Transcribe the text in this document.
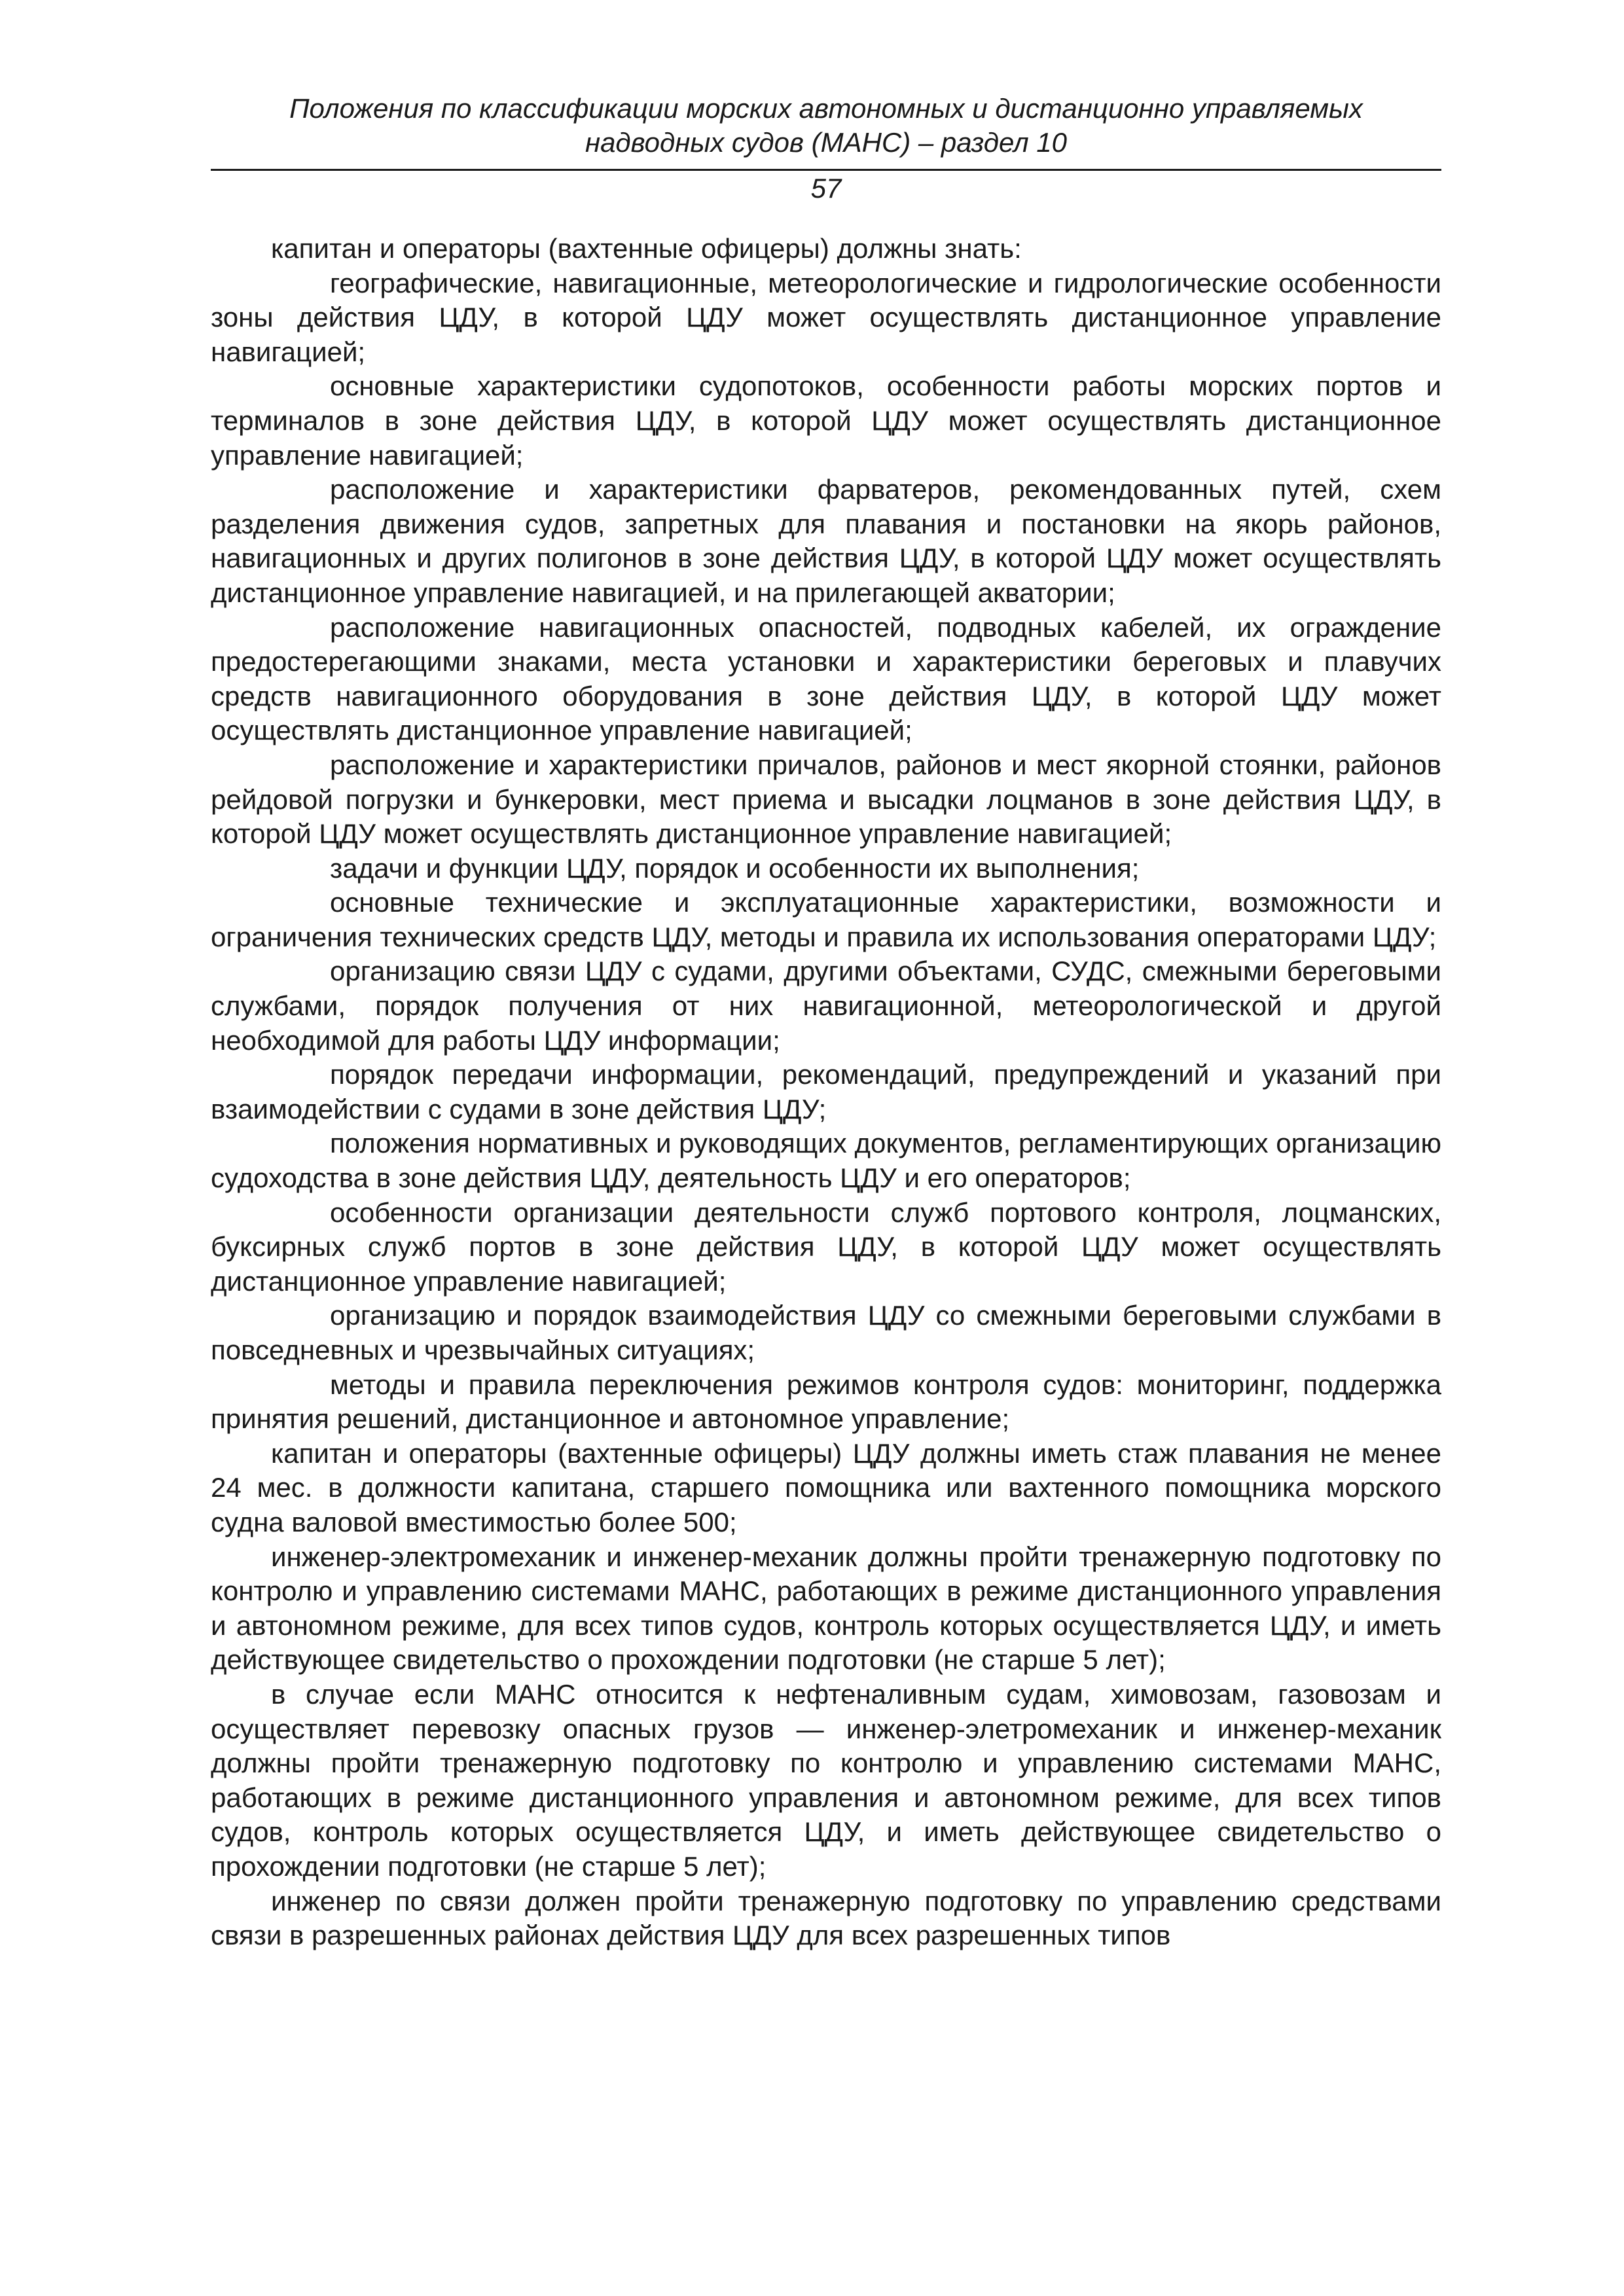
Положения по классификации морских автономных и дистанционно управляемых
надводных судов (МАНС) – раздел 10
57

капитан и операторы (вахтенные офицеры) должны знать:

географические, навигационные, метеорологические и гидрологические особенности зоны действия ЦДУ, в которой ЦДУ может осуществлять дистанционное управление навигацией;

основные характеристики судопотоков, особенности работы морских портов и терминалов в зоне действия ЦДУ, в которой ЦДУ может осуществлять дистанционное управление навигацией;

расположение и характеристики фарватеров, рекомендованных путей, схем разделения движения судов, запретных для плавания и постановки на якорь районов, навигационных и других полигонов в зоне действия ЦДУ, в которой ЦДУ может осуществлять дистанционное управление навигацией, и на прилегающей акватории;

расположение навигационных опасностей, подводных кабелей, их ограждение предостерегающими знаками, места установки и характеристики береговых и плавучих средств навигационного оборудования в зоне действия ЦДУ, в которой ЦДУ может осуществлять дистанционное управление навигацией;

расположение и характеристики причалов, районов и мест якорной стоянки, районов рейдовой погрузки и бункеровки, мест приема и высадки лоцманов в зоне действия ЦДУ, в которой ЦДУ может осуществлять дистанционное управление навигацией;

задачи и функции ЦДУ, порядок и особенности их выполнения;

основные технические и эксплуатационные характеристики, возможности и ограничения технических средств ЦДУ, методы и правила их использования операторами ЦДУ;

организацию связи ЦДУ с судами, другими объектами, СУДС, смежными береговыми службами, порядок получения от них навигационной, метеорологической и другой необходимой для работы ЦДУ информации;

порядок передачи информации, рекомендаций, предупреждений и указаний при взаимодействии с судами в зоне действия ЦДУ;

положения нормативных и руководящих документов, регламентирующих организацию судоходства в зоне действия ЦДУ, деятельность ЦДУ и его операторов;

особенности организации деятельности служб портового контроля, лоцманских, буксирных служб портов в зоне действия ЦДУ, в которой ЦДУ может осуществлять дистанционное управление навигацией;

организацию и порядок взаимодействия ЦДУ со смежными береговыми службами в повседневных и чрезвычайных ситуациях;

методы и правила переключения режимов контроля судов: мониторинг, поддержка принятия решений, дистанционное и автономное управление;

капитан и операторы (вахтенные офицеры) ЦДУ должны иметь стаж плавания не менее 24 мес. в должности капитана, старшего помощника или вахтенного помощника морского судна валовой вместимостью более 500;

инженер-электромеханик и инженер-механик должны пройти тренажерную подготовку по контролю и управлению системами МАНС, работающих в режиме дистанционного управления и автономном режиме, для всех типов судов, контроль которых осуществляется ЦДУ, и иметь действующее свидетельство о прохождении подготовки (не старше 5 лет);

в случае если МАНС относится к нефтеналивным судам, химовозам, газовозам и осуществляет перевозку опасных грузов — инженер-элетромеханик и инженер-механик должны пройти тренажерную подготовку по контролю и управлению системами МАНС, работающих в режиме дистанционного управления и автономном режиме, для всех типов судов, контроль которых осуществляется ЦДУ, и иметь действующее свидетельство о прохождении подготовки (не старше 5 лет);

инженер по связи должен пройти тренажерную подготовку по управлению средствами связи в разрешенных районах действия ЦДУ для всех разрешенных типов
